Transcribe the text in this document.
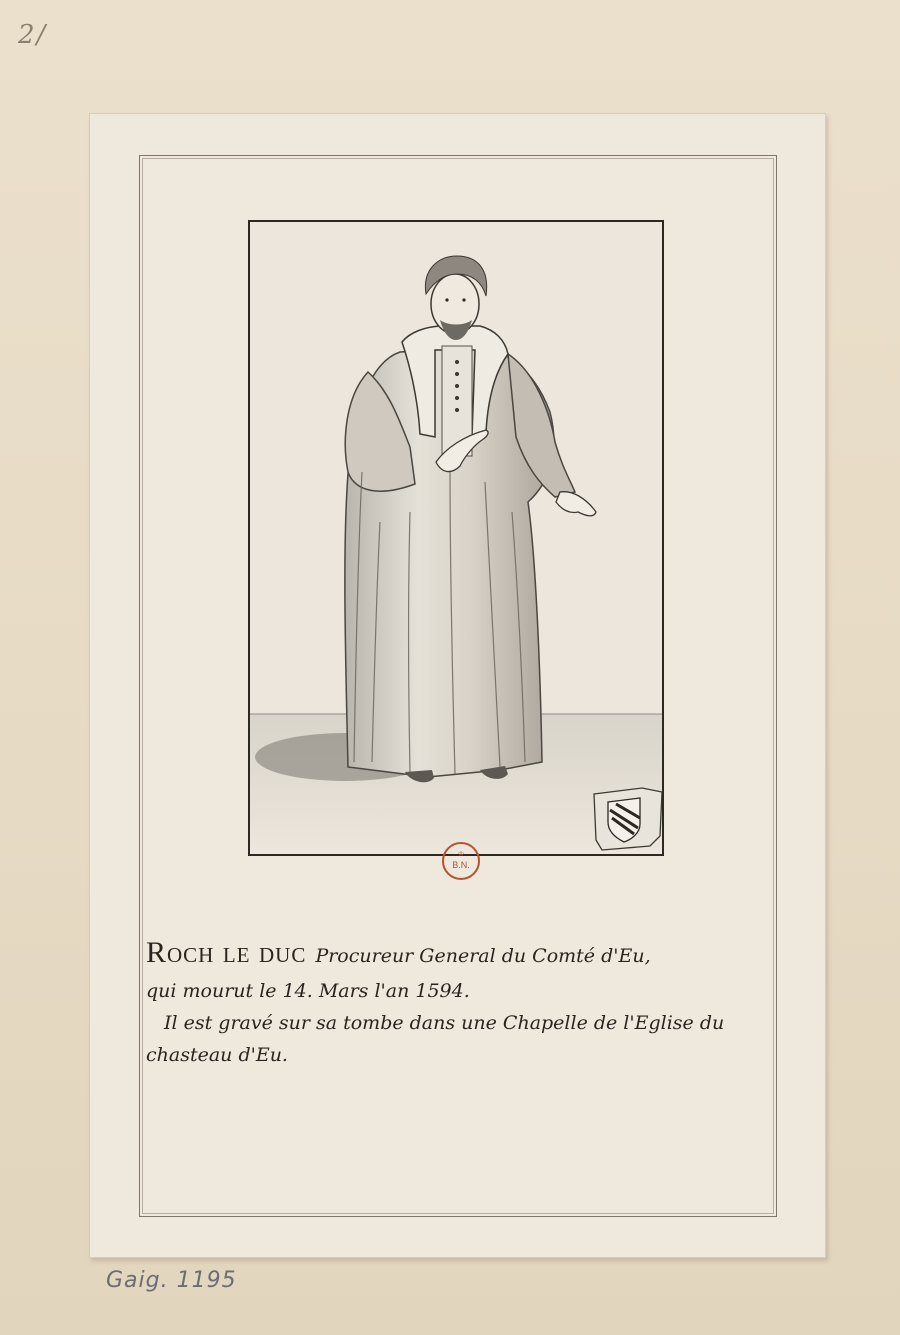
2/
♔
B.N.
Roch le duc Procureur General du Comté d'Eu,
qui mourut le 14. Mars l'an 1594.
Il est gravé sur sa tombe dans une Chapelle de l'Eglise du
chasteau d'Eu.
Gaig. 1195
